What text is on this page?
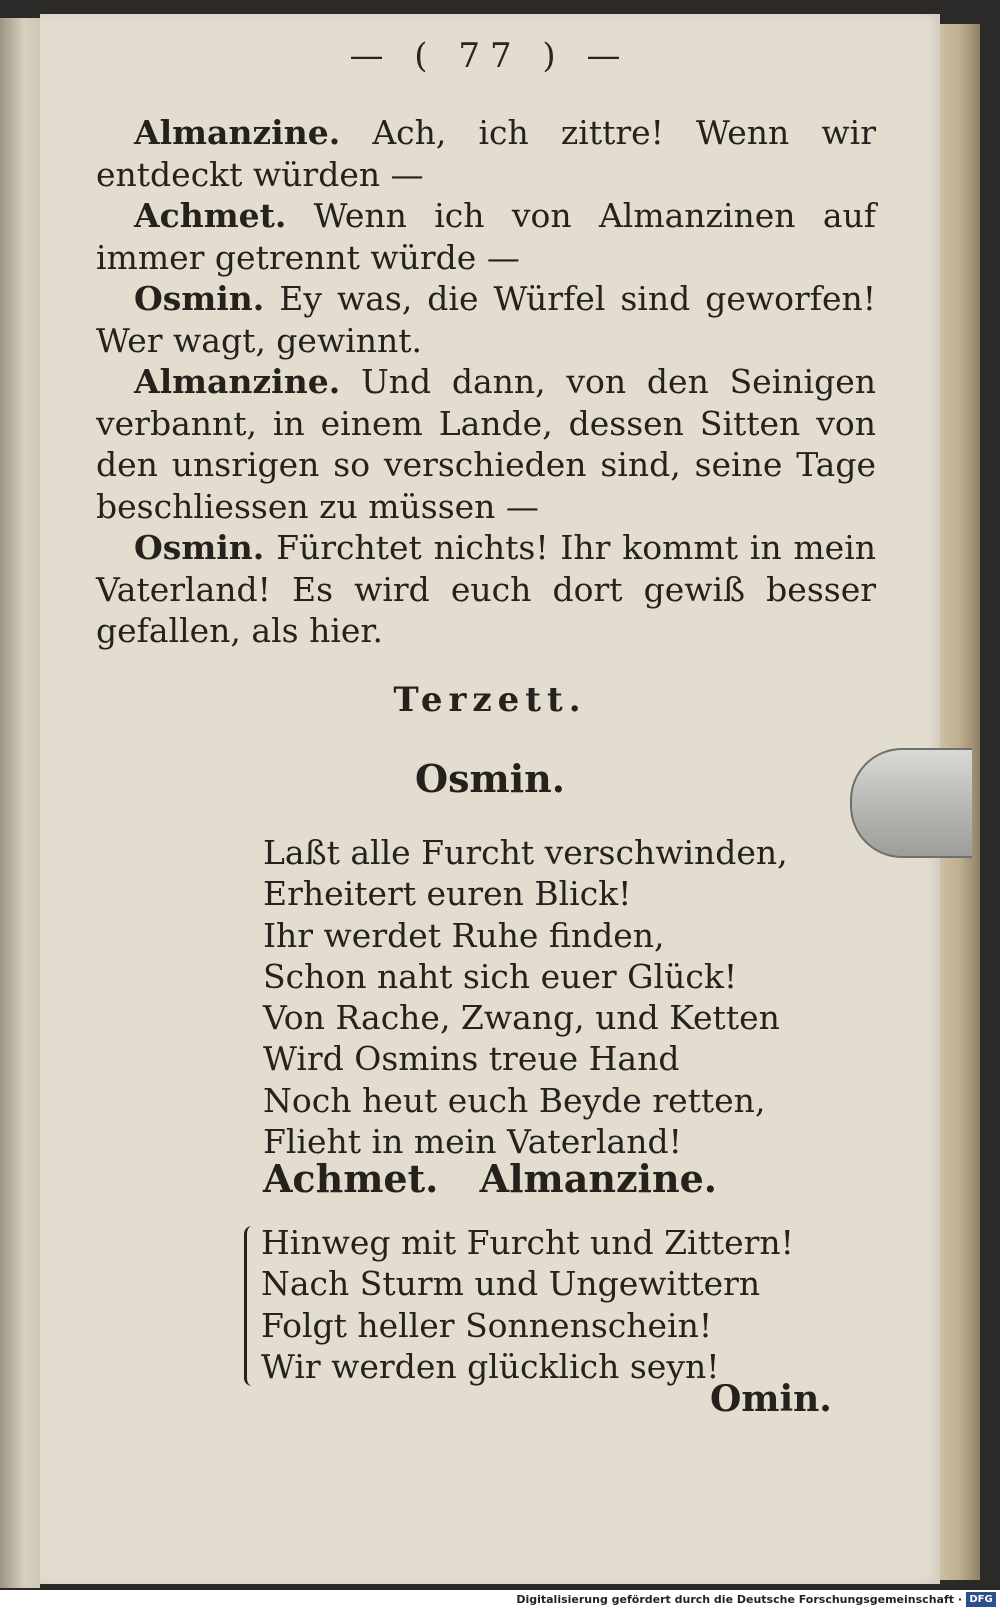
— ( 77 ) —

Almanzine. Ach, ich zittre! Wenn wir entdeckt würden —

Achmet. Wenn ich von Almanzinen auf immer getrennt würde —

Osmin. Ey was, die Würfel sind geworfen! Wer wagt, gewinnt.

Almanzine. Und dann, von den Seinigen verbannt, in einem Lande, dessen Sitten von den unsrigen so verschieden sind, seine Tage beschliessen zu müssen —

Osmin. Fürchtet nichts! Ihr kommt in mein Vaterland! Es wird euch dort gewiß besser gefallen, als hier.

Terzett.
Osmin.
Laßt alle Furcht verschwinden,
Erheitert euren Blick!
Ihr werdet Ruhe finden,
Schon naht sich euer Glück!
Von Rache, Zwang, und Ketten
Wird Osmins treue Hand
Noch heut euch Beyde retten,
Flieht in mein Vaterland!
Achmet. Almanzine.
Hinweg mit Furcht und Zittern!
Nach Sturm und Ungewittern
Folgt heller Sonnenschein!
Wir werden glücklich seyn!
Omin.
Digitalisierung gefördert durch die Deutsche Forschungsgemeinschaft · DFG
